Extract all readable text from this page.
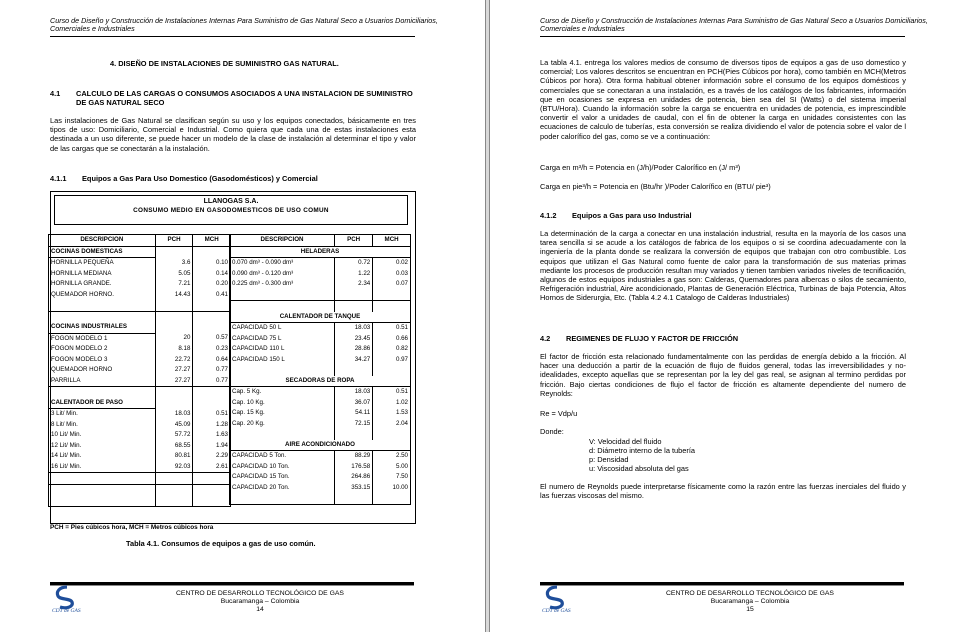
Curso de Diseño y Construcción de Instalaciones Internas Para Suministro de Gas Natural Seco a Usuarios Domiciliarios, Comerciales e Industriales
4. DISEÑO DE INSTALACIONES DE SUMINISTRO GAS NATURAL.
4.1 CALCULO DE LAS CARGAS O CONSUMOS ASOCIADOS A UNA INSTALACION DE SUMINISTRO DE GAS NATURAL SECO
Las instalaciones de Gas Natural se clasifican según su uso y los equipos conectados, básicamente en tres tipos de uso: Domiciliario, Comercial e Industrial. Como quiera que cada una de estas instalaciones esta destinada a un uso diferente, se puede hacer un modelo de la clase de instalación al determinar el tipo y valor de las cargas que se conectarán a la instalación.
4.1.1 Equipos a Gas Para Uso Domestico (Gasodomésticos) y Comercial
LLANOGAS S.A.
CONSUMO MEDIO EN GASODOMESTICOS DE USO COMUN
DESCRIPCION	PCH	MCH
COCINAS DOMESTICAS		
HORNILLA PEQUEÑA	3.6	0.10
HORNILLA MEDIANA	5.05	0.14
HORNILLA GRANDE.	7.21	0.20
QUEMADOR HORNO.	14.43	0.41

COCINAS INDUSTRIALES		
FOGON MODELO 1	20	0.57
FOGON MODELO 2	8.18	0.23
FOGON MODELO 3	22.72	0.64
QUEMADOR HORNO	27.27	0.77
PARRILLA	27.27	0.77

CALENTADOR DE PASO		
3 Lit/ Min.	18.03	0.51
8 Lit/ Min.	45.09	1.28
10 Lit/ Min.	57.72	1.63
12 Lit/ Min.	68.55	1.94
14 Lit/ Min.	80.81	2.29
16 Lit/ Min.	92.03	2.61

DESCRIPCION	PCH	MCH
HELADERAS		
0.070 dm³ - 0.090 dm³	0.72	0.02
0.090 dm³ - 0.120 dm³	1.22	0.03
0.225 dm³ - 0.300 dm³	2.34	0.07

CALENTADOR DE TANQUE		
CAPACIDAD 50 L	18.03	0.51
CAPACIDAD 75 L	23.45	0.66
CAPACIDAD 110 L	28.86	0.82
CAPACIDAD 150 L	34.27	0.97

SECADORAS DE ROPA		
Cap. 5 Kg.	18.03	0.51
Cap. 10 Kg.	36.07	1.02
Cap. 15 Kg.	54.11	1.53
Cap. 20 Kg.	72.15	2.04

AIRE ACONDICIONADO		
CAPACIDAD 5 Ton.	88.29	2.50
CAPACIDAD 10 Ton.	176.58	5.00
CAPACIDAD 15 Ton.	264.86	7.50
CAPACIDAD 20 Ton.	353.15	10.00

PCH = Pies cúbicos hora, MCH = Metros cúbicos hora
Tabla 4.1. Consumos de equipos a gas de uso común.
CDT de GAS
CENTRO DE DESARROLLO TECNOLÓGICO DE GAS
Bucaramanga – Colombia
14
Curso de Diseño y Construcción de Instalaciones Internas Para Suministro de Gas Natural Seco a Usuarios Domiciliarios, Comerciales e Industriales
La tabla 4.1. entrega los valores medios de consumo de diversos tipos de equipos a gas de uso domestico y comercial; Los valores descritos se encuentran en PCH(Pies Cúbicos por hora), como también en MCH(Metros Cúbicos por hora). Otra forma habitual obtener información sobre el consumo de los equipos domésticos y comerciales que se conectaran a una instalación, es a través de los catálogos de los fabricantes, información que en ocasiones se expresa en unidades de potencia, bien sea del SI (Watts) o del sistema imperial (BTU/Hora). Cuando la información sobre la carga se encuentra en unidades de potencia, es imprescindible convertir el valor a unidades de caudal, con el fin de obtener la carga en unidades consistentes con las ecuaciones de calculo de tuberías, esta conversión se realiza dividiendo el valor de potencia sobre el valor de l poder calorífico del gas, como se ve a continuación:
Carga en m³/h = Potencia en (J/h)/Poder Calorífico en (J/ m³)
Carga en pie³/h = Potencia en (Btu/hr )/Poder Calorífico en (BTU/ pie³)
4.1.2 Equipos a Gas para uso Industrial
La determinación de la carga a conectar en una instalación industrial, resulta en la mayoría de los casos una tarea sencilla si se acude a los catálogos de fabrica de los equipos o si se coordina adecuadamente con la ingeniería de la planta donde se realizara la conversión de equipos que trabajan con otro combustible. Los equipos que utilizan el Gas Natural como fuente de calor para la transformación de sus materias primas mediante los procesos de producción resultan muy variados y tienen tambien variados niveles de tecnificación, algunos de estos equipos industriales a gas son: Calderas, Quemadores para albercas o silos de secamiento, Refrigeración industrial, Aire acondicionado, Plantas de Generación Eléctrica, Turbinas de baja Potencia, Altos Hornos de Siderurgia, Etc. (Tabla 4.2 4.1 Catalogo de Calderas Industriales)
4.2 REGIMENES DE FLUJO Y FACTOR DE FRICCIÓN
El factor de fricción esta relacionado fundamentalmente con las perdidas de energía debido a la fricción. Al hacer una deducción a partir de la ecuación de flujo de fluidos general, todas las irreversibilidades y no-idealidades, excepto aquellas que se representan por la ley del gas real, se asignan al termino perdidas por fricción. Bajo ciertas condiciones de flujo el factor de fricción es altamente dependiente del numero de Reynolds:
Re = Vdp/u
Donde:
V: Velocidad del fluido
d: Diámetro interno de la tubería
p: Densidad
u: Viscosidad absoluta del gas
El numero de Reynolds puede interpretarse físicamente como la razón entre las fuerzas inerciales del fluido y las fuerzas viscosas del mismo.
CDT de GAS
CENTRO DE DESARROLLO TECNOLÓGICO DE GAS
Bucaramanga – Colombia
15
